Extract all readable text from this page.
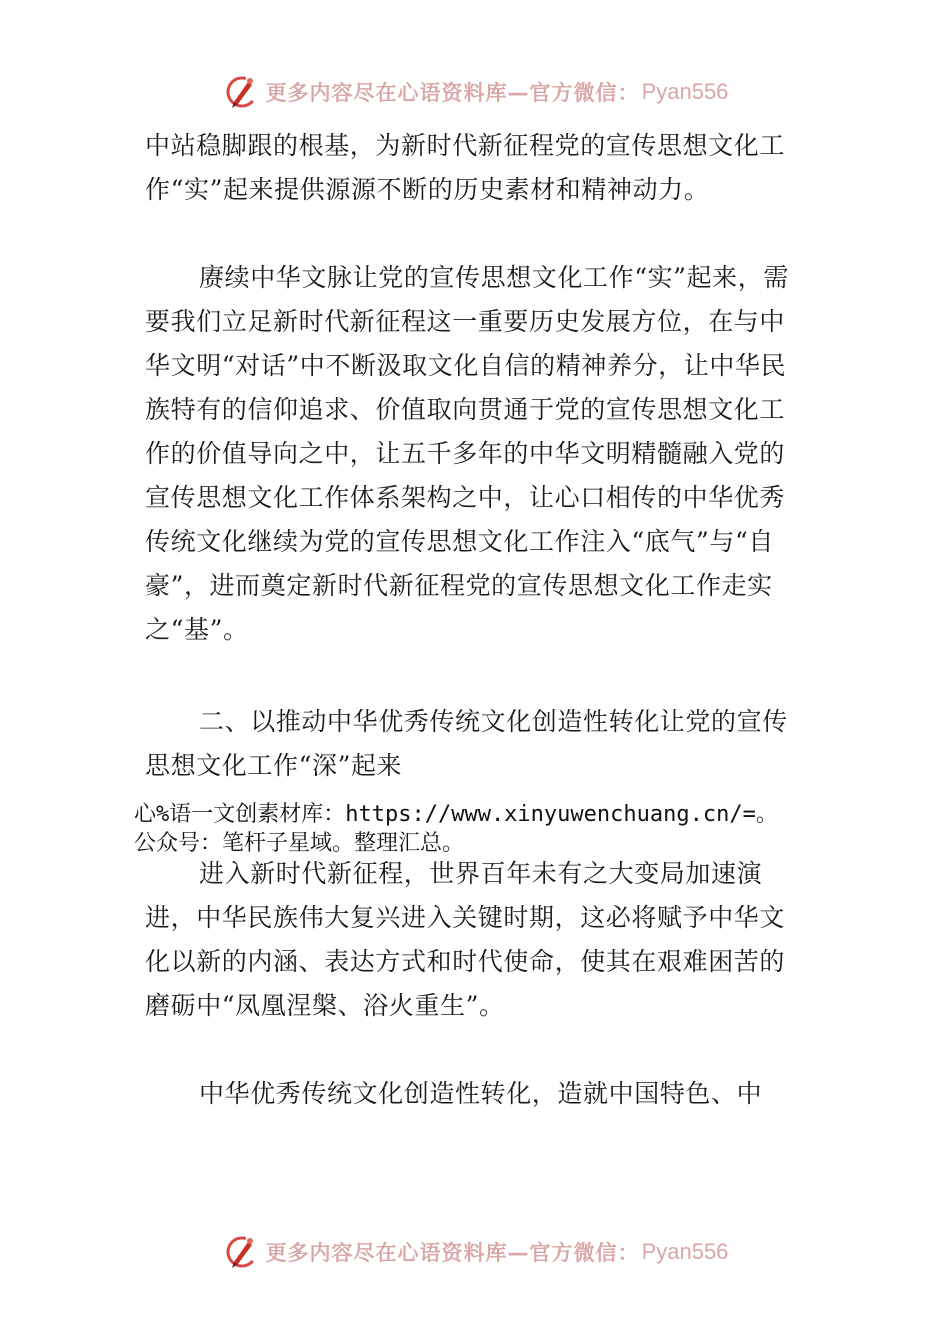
更多内容尽在心语资料库—官方微信： Pyan556

中站稳脚跟的根基，为新时代新征程党的宣传思想文化工作“实”起来提供源源不断的历史素材和精神动力。

赓续中华文脉让党的宣传思想文化工作“实”起来，需要我们立足新时代新征程这一重要历史发展方位，在与中华文明“对话”中不断汲取文化自信的精神养分，让中华民族特有的信仰追求、价值取向贯通于党的宣传思想文化工作的价值导向之中，让五千多年的中华文明精髓融入党的宣传思想文化工作体系架构之中，让心口相传的中华优秀传统文化继续为党的宣传思想文化工作注入“底气”与“自豪”，进而奠定新时代新征程党的宣传思想文化工作走实之“基”。

二、以推动中华优秀传统文化创造性转化让党的宣传思想文化工作“深”起来

心%语一文创素材库：https://www.xinyuwenchuang.cn/=。

公众号：笔杆子星域。整理汇总。

进入新时代新征程，世界百年未有之大变局加速演进，中华民族伟大复兴进入关键时期，这必将赋予中华文化以新的内涵、表达方式和时代使命，使其在艰难困苦的磨砺中“凤凰涅槃、浴火重生”。

中华优秀传统文化创造性转化，造就中国特色、中

更多内容尽在心语资料库—官方微信： Pyan556
